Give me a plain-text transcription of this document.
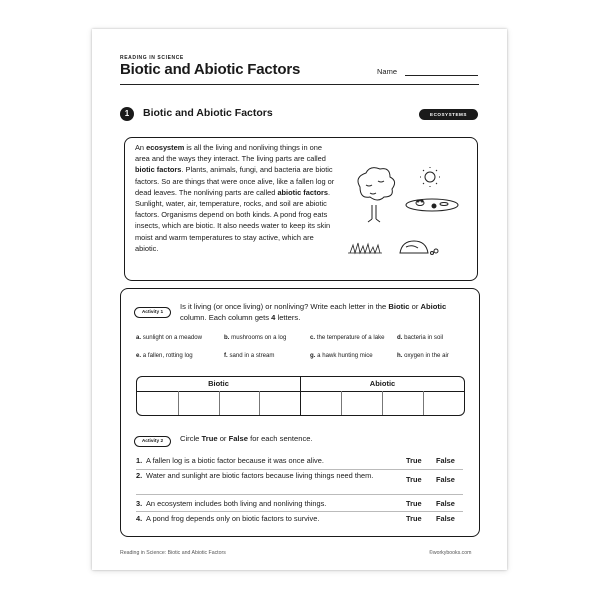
READING IN SCIENCE
Biotic and Abiotic Factors	Name
1	Biotic and Abiotic Factors	ECOSYSTEMS
An ecosystem is all the living and nonliving things in one area and the ways they interact. The living parts are called biotic factors. Plants, animals, fungi, and bacteria are biotic factors. So are things that were once alive, like a fallen log or dead leaves. The nonliving parts are called abiotic factors. Sunlight, water, air, temperature, rocks, and soil are abiotic factors. Organisms depend on both kinds. A pond frog eats insects, which are biotic. It also needs water to keep its skin moist and warm temperatures to stay active, which are abiotic.
Activity 1
Is it living (or once living) or nonliving? Write each letter in the Biotic or Abiotic column. Each column gets 4 letters.
a. sunlight on a meadow	b. mushrooms on a log	c. the temperature of a lake	d. bacteria in soil
e. a fallen, rotting log	f. sand in a stream	g. a hawk hunting mice	h. oxygen in the air
Biotic	Abiotic
Activity 2	Circle True or False for each sentence.
1. A fallen log is a biotic factor because it was once alive.	True False
2. Water and sunlight are biotic factors because living things need them.	True False
3. An ecosystem includes both living and nonliving things.	True False
4. A pond frog depends only on biotic factors to survive.	True False
Reading in Science: Biotic and Abiotic Factors	©workybooks.com
